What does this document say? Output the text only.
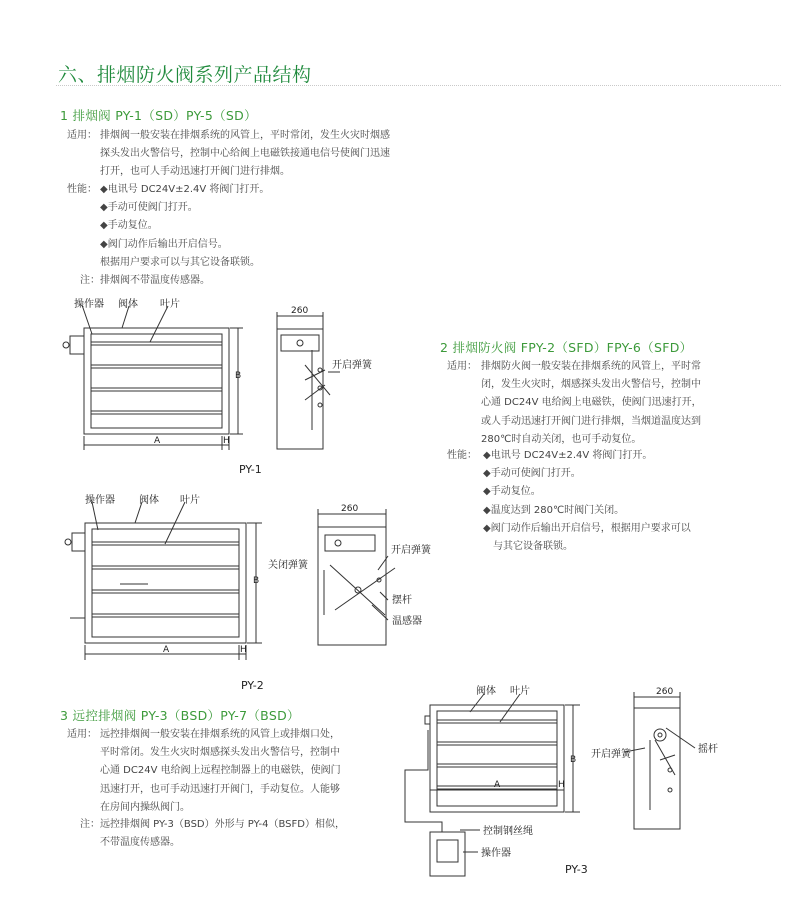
六、排烟防火阀系列产品结构
1 排烟阀 PY-1（SD）PY-5（SD）
适用： 排烟阀一般安装在排烟系统的风管上，平时常闭，发生火灾时烟感
探头发出火警信号，控制中心给阀上电磁铁接通电信号使阀门迅速
打开，也可人手动迅速打开阀门进行排烟。
性能： ◆电讯号 DC24V±2.4V 将阀门打开。
◆手动可使阀门打开。
◆手动复位。
◆阀门动作后输出开启信号。
根据用户要求可以与其它设备联锁。
注： 排烟阀不带温度传感器。
2 排烟防火阀 FPY-2（SFD）FPY-6（SFD）
适用： 排烟防火阀一般安装在排烟系统的风管上，平时常
闭，发生火灾时，烟感探头发出火警信号，控制中
心通 DC24V 电给阀上电磁铁，使阀门迅速打开，
或人手动迅速打开阀门进行排烟，当烟道温度达到
280℃时自动关闭，也可手动复位。
性能： ◆电讯号 DC24V±2.4V 将阀门打开。
◆手动可使阀门打开。
◆手动复位。
◆温度达到 280℃时阀门关闭。
◆阀门动作后输出开启信号，根据用户要求可以
与其它设备联锁。
3 远控排烟阀 PY-3（BSD）PY-7（BSD）
适用： 远控排烟阀一般安装在排烟系统的风管上或排烟口处，
平时常闭。发生火灾时烟感探头发出火警信号，控制中
心通 DC24V 电给阀上远程控制器上的电磁铁，使阀门
迅速打开，也可手动迅速打开阀门，手动复位。人能够
在房间内操纵阀门。
注： 远控排烟阀 PY-3（BSD）外形与 PY-4（BSFD）相似，
不带温度传感器。
操作器 阀体 叶片
B
A	H
260
开启弹簧
PY-1
操作器 阀体 叶片
B
A	H
260
开启弹簧
关闭弹簧
摆杆
温感器
PY-2	阀体 叶片
B
A	H
260
开启弹簧	摇杆
控制钢丝绳
操作器
PY-3
